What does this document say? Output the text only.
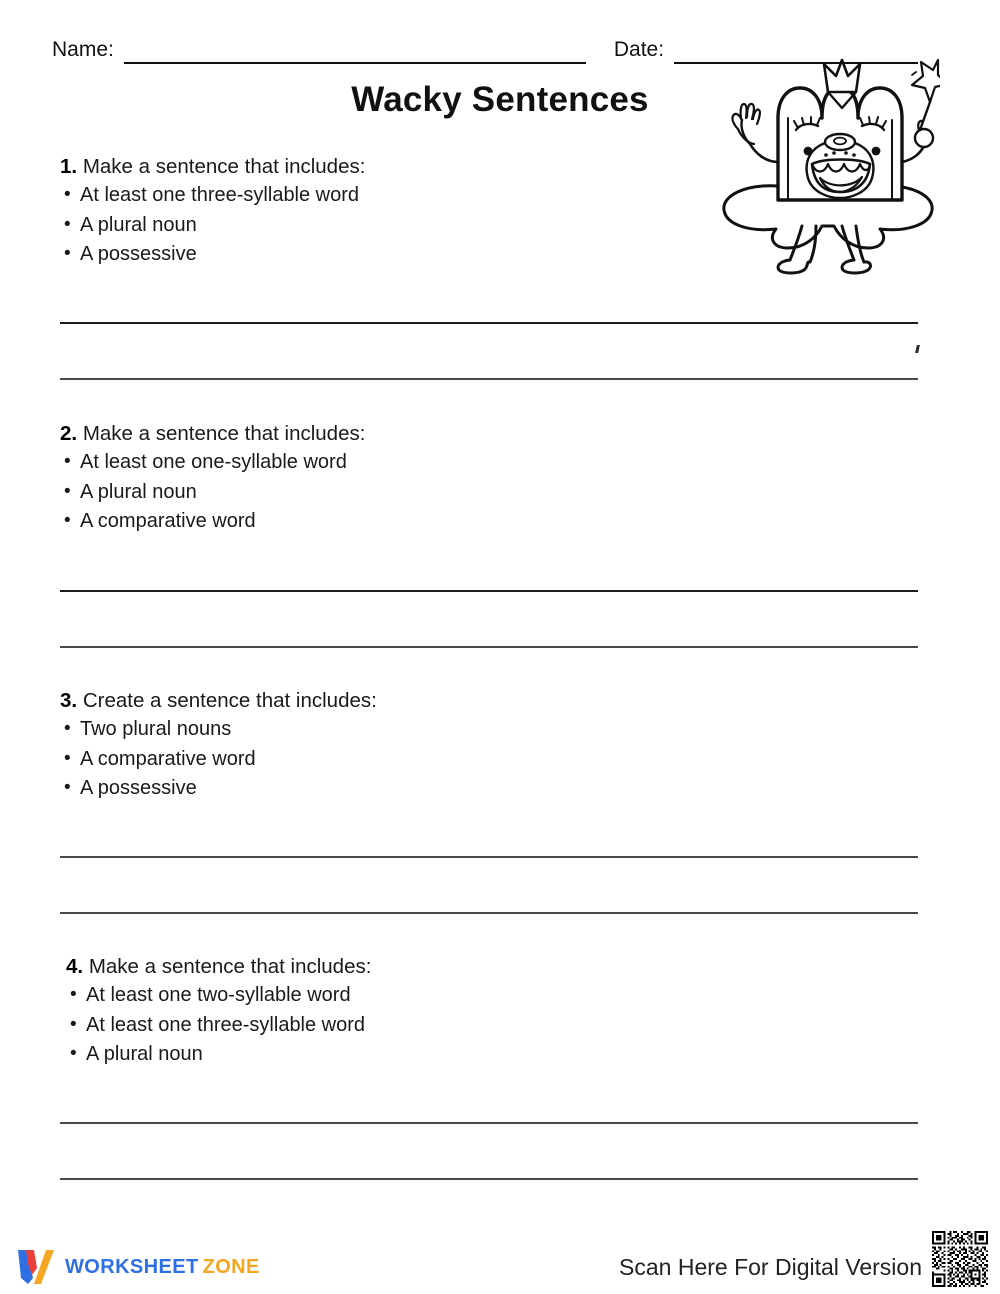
Name:	Date:
Wacky Sentences
1. Make a sentence that includes:
• At least one three-syllable word
• A plural noun
• A possessive
2. Make a sentence that includes:
• At least one one-syllable word
• A plural noun
• A comparative word
3. Create a sentence that includes:
• Two plural nouns
• A comparative word
• A possessive
4. Make a sentence that includes:
• At least one two-syllable word
• At least one three-syllable word
• A plural noun
WORKSHEET ZONE	Scan Here For Digital Version
